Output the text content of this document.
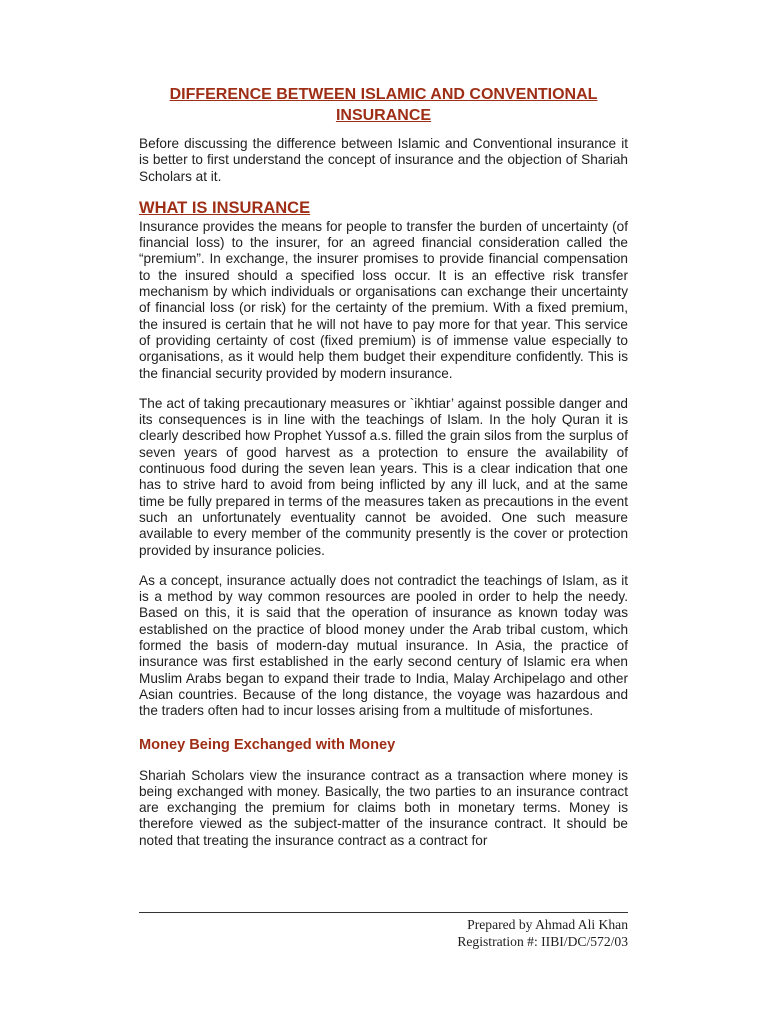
DIFFERENCE BETWEEN ISLAMIC AND CONVENTIONAL
INSURANCE

Before discussing the difference between Islamic and Conventional insurance it is better to first understand the concept of insurance and the objection of Shariah Scholars at it.

WHAT IS INSURANCE

Insurance provides the means for people to transfer the burden of uncertainty (of financial loss) to the insurer, for an agreed financial consideration called the “premium”. In exchange, the insurer promises to provide financial compensation to the insured should a specified loss occur. It is an effective risk transfer mechanism by which individuals or organisations can exchange their uncertainty of financial loss (or risk) for the certainty of the premium. With a fixed premium, the insured is certain that he will not have to pay more for that year. This service of providing certainty of cost (fixed premium) is of immense value especially to organisations, as it would help them budget their expenditure confidently. This is the financial security provided by modern insurance.

The act of taking precautionary measures or `ikhtiar’ against possible danger and its consequences is in line with the teachings of Islam. In the holy Quran it is clearly described how Prophet Yussof a.s. filled the grain silos from the surplus of seven years of good harvest as a protection to ensure the availability of continuous food during the seven lean years. This is a clear indication that one has to strive hard to avoid from being inflicted by any ill luck, and at the same time be fully prepared in terms of the measures taken as precautions in the event such an unfortunately eventuality cannot be avoided. One such measure available to every member of the community presently is the cover or protection provided by insurance policies.

As a concept, insurance actually does not contradict the teachings of Islam, as it is a method by way common resources are pooled in order to help the needy. Based on this, it is said that the operation of insurance as known today was established on the practice of blood money under the Arab tribal custom, which formed the basis of modern-day mutual insurance. In Asia, the practice of insurance was first established in the early second century of Islamic era when Muslim Arabs began to expand their trade to India, Malay Archipelago and other Asian countries. Because of the long distance, the voyage was hazardous and the traders often had to incur losses arising from a multitude of misfortunes.

Money Being Exchanged with Money

Shariah Scholars view the insurance contract as a transaction where money is being exchanged with money. Basically, the two parties to an insurance contract are exchanging the premium for claims both in monetary terms. Money is therefore viewed as the subject-matter of the insurance contract. It should be noted that treating the insurance contract as a contract for

Prepared by Ahmad Ali Khan
Registration #: IIBI/DC/572/03
